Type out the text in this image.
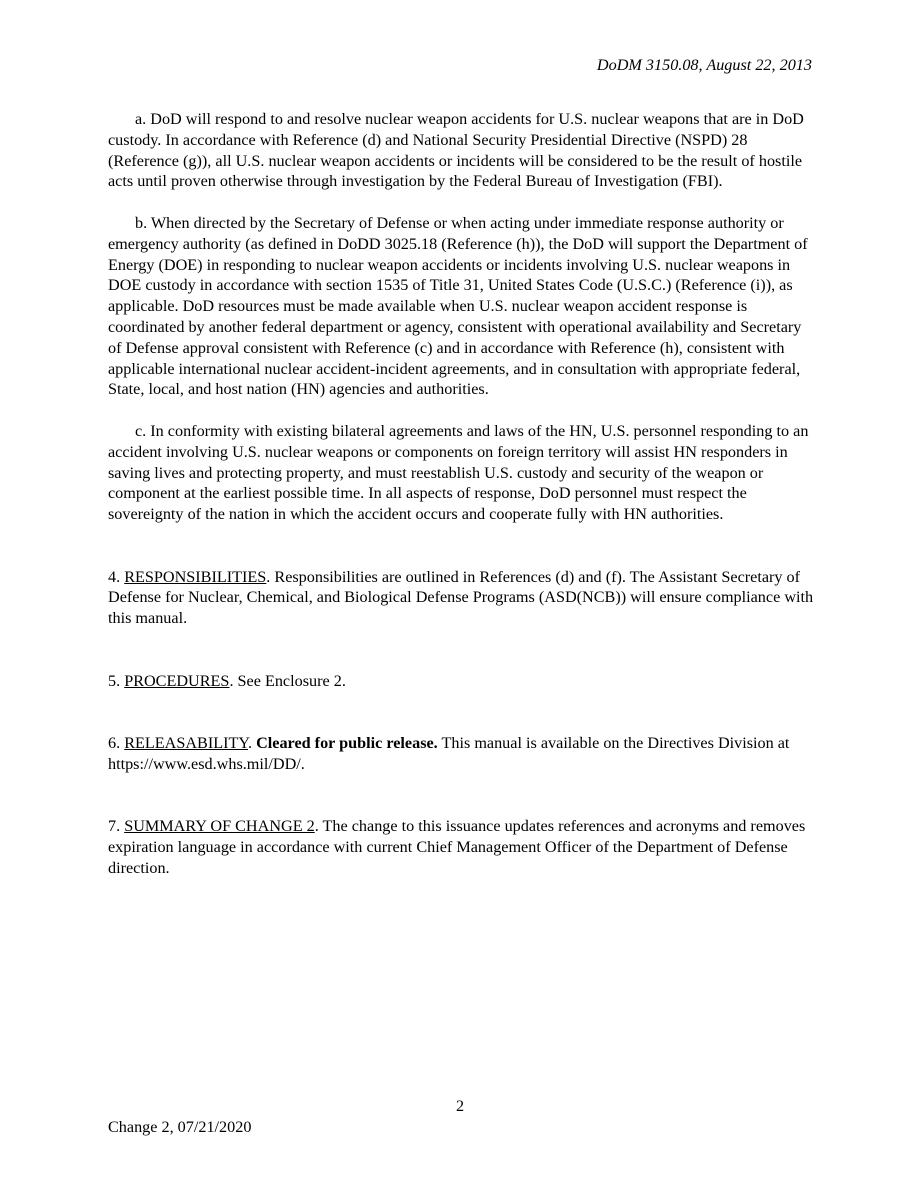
DoDM 3150.08, August 22, 2013

a. DoD will respond to and resolve nuclear weapon accidents for U.S. nuclear weapons that are in DoD custody. In accordance with Reference (d) and National Security Presidential Directive (NSPD) 28 (Reference (g)), all U.S. nuclear weapon accidents or incidents will be considered to be the result of hostile acts until proven otherwise through investigation by the Federal Bureau of Investigation (FBI).

b. When directed by the Secretary of Defense or when acting under immediate response authority or emergency authority (as defined in DoDD 3025.18 (Reference (h)), the DoD will support the Department of Energy (DOE) in responding to nuclear weapon accidents or incidents involving U.S. nuclear weapons in DOE custody in accordance with section 1535 of Title 31, United States Code (U.S.C.) (Reference (i)), as applicable. DoD resources must be made available when U.S. nuclear weapon accident response is coordinated by another federal department or agency, consistent with operational availability and Secretary of Defense approval consistent with Reference (c) and in accordance with Reference (h), consistent with applicable international nuclear accident-incident agreements, and in consultation with appropriate federal, State, local, and host nation (HN) agencies and authorities.

c. In conformity with existing bilateral agreements and laws of the HN, U.S. personnel responding to an accident involving U.S. nuclear weapons or components on foreign territory will assist HN responders in saving lives and protecting property, and must reestablish U.S. custody and security of the weapon or component at the earliest possible time. In all aspects of response, DoD personnel must respect the sovereignty of the nation in which the accident occurs and cooperate fully with HN authorities.

4. RESPONSIBILITIES. Responsibilities are outlined in References (d) and (f). The Assistant Secretary of Defense for Nuclear, Chemical, and Biological Defense Programs (ASD(NCB)) will ensure compliance with this manual.

5. PROCEDURES. See Enclosure 2.

6. RELEASABILITY. Cleared for public release. This manual is available on the Directives Division at https://www.esd.whs.mil/DD/.

7. SUMMARY OF CHANGE 2. The change to this issuance updates references and acronyms and removes expiration language in accordance with current Chief Management Officer of the Department of Defense direction.

2
Change 2, 07/21/2020
